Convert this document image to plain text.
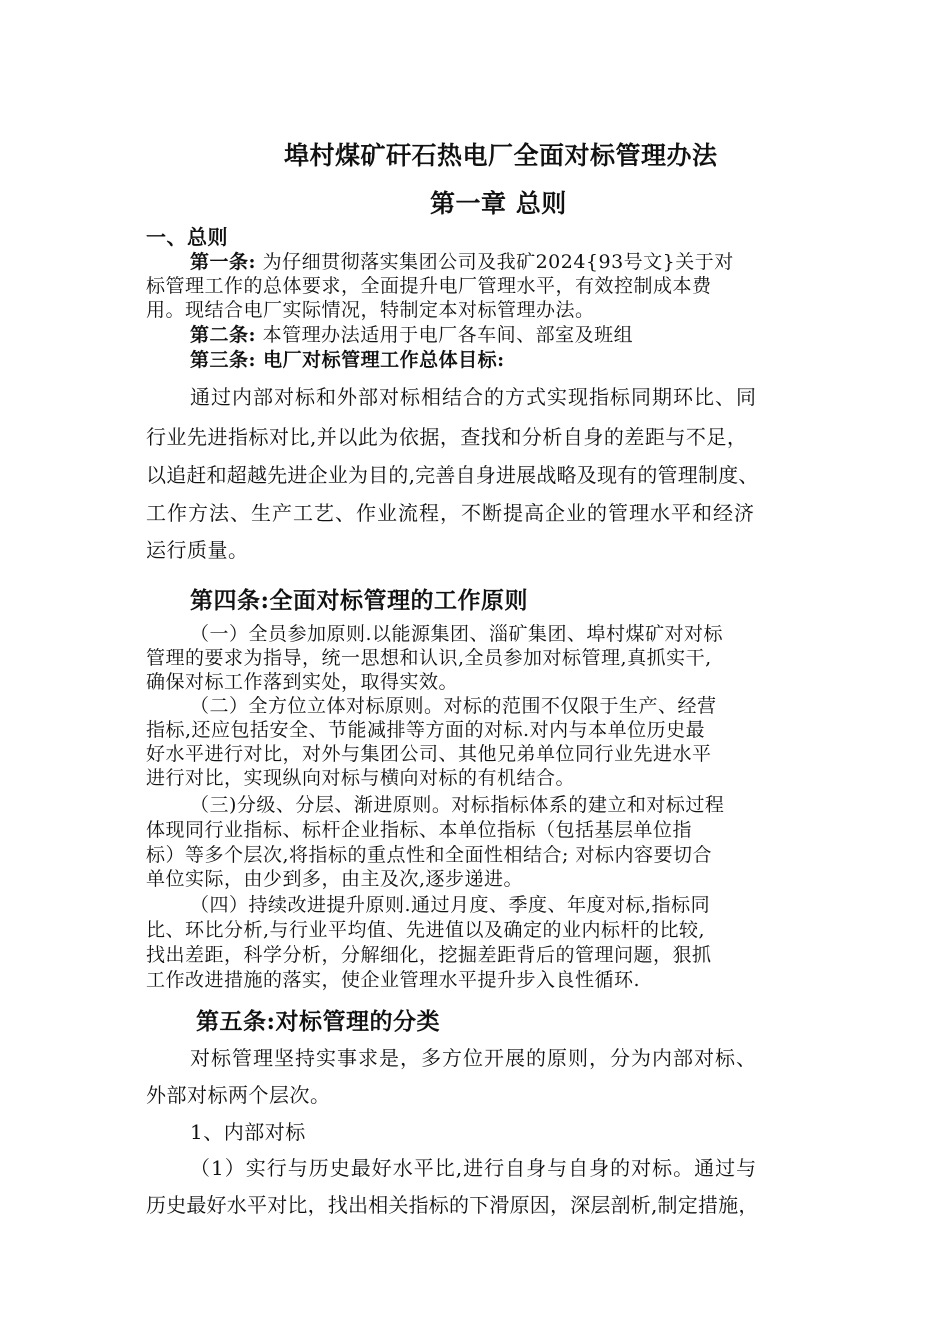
埠村煤矿矸石热电厂全面对标管理办法
第一章 总则
一、总则
第一条: 为仔细贯彻落实集团公司及我矿2024{93号文}关于对
标管理工作的总体要求，全面提升电厂管理水平，有效控制成本费
用。现结合电厂实际情况，特制定本对标管理办法。
第二条: 本管理办法适用于电厂各车间、部室及班组
第三条: 电厂对标管理工作总体目标:
通过内部对标和外部对标相结合的方式实现指标同期环比、同
行业先进指标对比,并以此为依据，查找和分析自身的差距与不足，
以追赶和超越先进企业为目的,完善自身进展战略及现有的管理制度、
工作方法、生产工艺、作业流程，不断提高企业的管理水平和经济
运行质量。
第四条:全面对标管理的工作原则
（一）全员参加原则.以能源集团、淄矿集团、埠村煤矿对对标
管理的要求为指导，统一思想和认识,全员参加对标管理,真抓实干,
确保对标工作落到实处，取得实效。
（二）全方位立体对标原则。对标的范围不仅限于生产、经营
指标,还应包括安全、节能减排等方面的对标.对内与本单位历史最
好水平进行对比，对外与集团公司、其他兄弟单位同行业先进水平
进行对比，实现纵向对标与横向对标的有机结合。
（三)分级、分层、渐进原则。对标指标体系的建立和对标过程
体现同行业指标、标杆企业指标、本单位指标（包括基层单位指
标）等多个层次,将指标的重点性和全面性相结合; 对标内容要切合
单位实际，由少到多，由主及次,逐步递进。
（四）持续改进提升原则.通过月度、季度、年度对标,指标同
比、环比分析,与行业平均值、先进值以及确定的业内标杆的比较,
找出差距，科学分析，分解细化，挖掘差距背后的管理问题，狠抓
工作改进措施的落实，使企业管理水平提升步入良性循环.
第五条:对标管理的分类
对标管理坚持实事求是，多方位开展的原则，分为内部对标、
外部对标两个层次。
1、内部对标
（1）实行与历史最好水平比,进行自身与自身的对标。通过与
历史最好水平对比，找出相关指标的下滑原因，深层剖析,制定措施，
